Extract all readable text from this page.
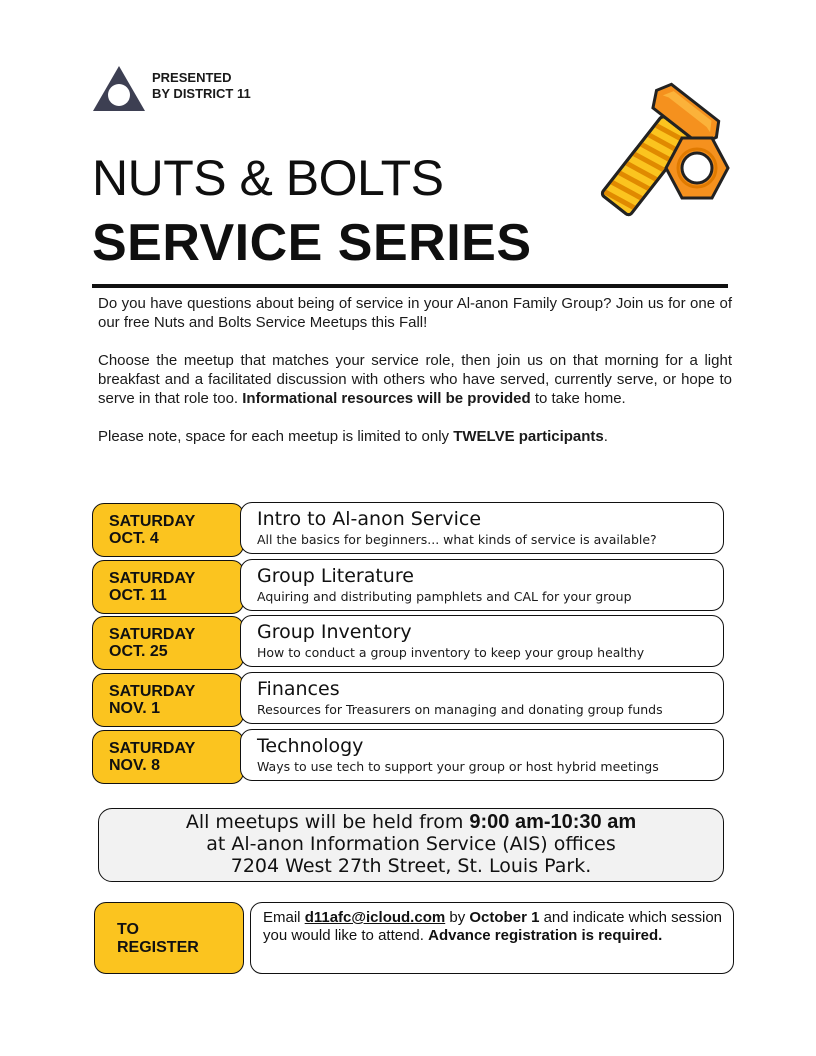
PRESENTED
BY DISTRICT 11
NUTS & BOLTS
SERVICE SERIES

Do you have questions about being of service in your Al-anon Family Group? Join us for one of our free Nuts and Bolts Service Meetups this Fall!

Choose the meetup that matches your service role, then join us on that morning for a light breakfast and a facilitated discussion with others who have served, currently serve, or hope to serve in that role too. Informational resources will be provided to take home.

Please note, space for each meetup is limited to only TWELVE participants.

SATURDAY
OCT. 4
Intro to Al-anon Service
All the basics for beginners... what kinds of service is available?
SATURDAY
OCT. 11
Group Literature
Aquiring and distributing pamphlets and CAL for your group
SATURDAY
OCT. 25
Group Inventory
How to conduct a group inventory to keep your group healthy
SATURDAY
NOV. 1
Finances
Resources for Treasurers on managing and donating group funds
SATURDAY
NOV. 8
Technology
Ways to use tech to support your group or host hybrid meetings
All meetups will be held from 9:00 am-10:30 am
at Al-anon Information Service (AIS) offices
7204 West 27th Street, St. Louis Park.
TO
REGISTER
Email d11afc@icloud.com by October 1 and indicate which session you would like to attend. Advance registration is required.
